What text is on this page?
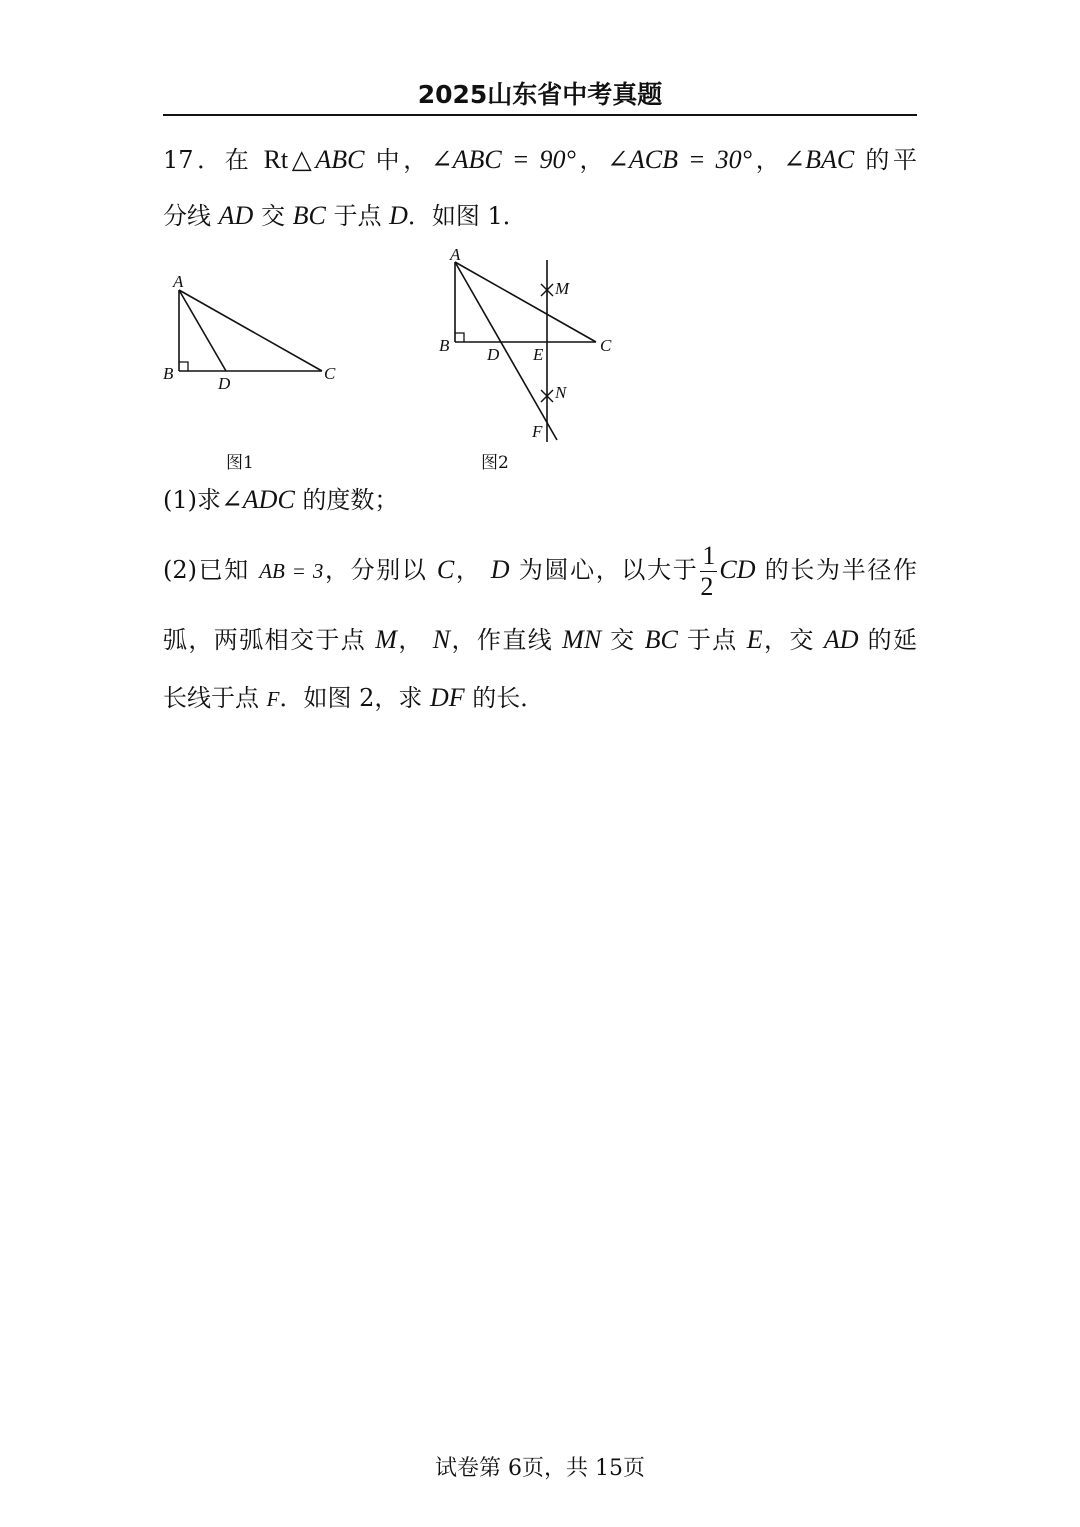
2025山东省中考真题
17．在 Rt△ABC 中，∠ABC = 90°，∠ACB = 30°，∠BAC 的平
分线 AD 交 BC 于点 D．如图 1．
A
B	C
D
图1
A
B	C
D E
M
N
F
图2
(1)求∠ADC 的度数；
(2)已知 AB = 3，分别以 C， D 为圆心，以大于 $\frac{1}{2}$ CD 的长为半径作
弧，两弧相交于点 M， N，作直线 MN 交 BC 于点 E，交 AD 的延
长线于点 F．如图 2，求 DF 的长．
试卷第 6页，共 15页
